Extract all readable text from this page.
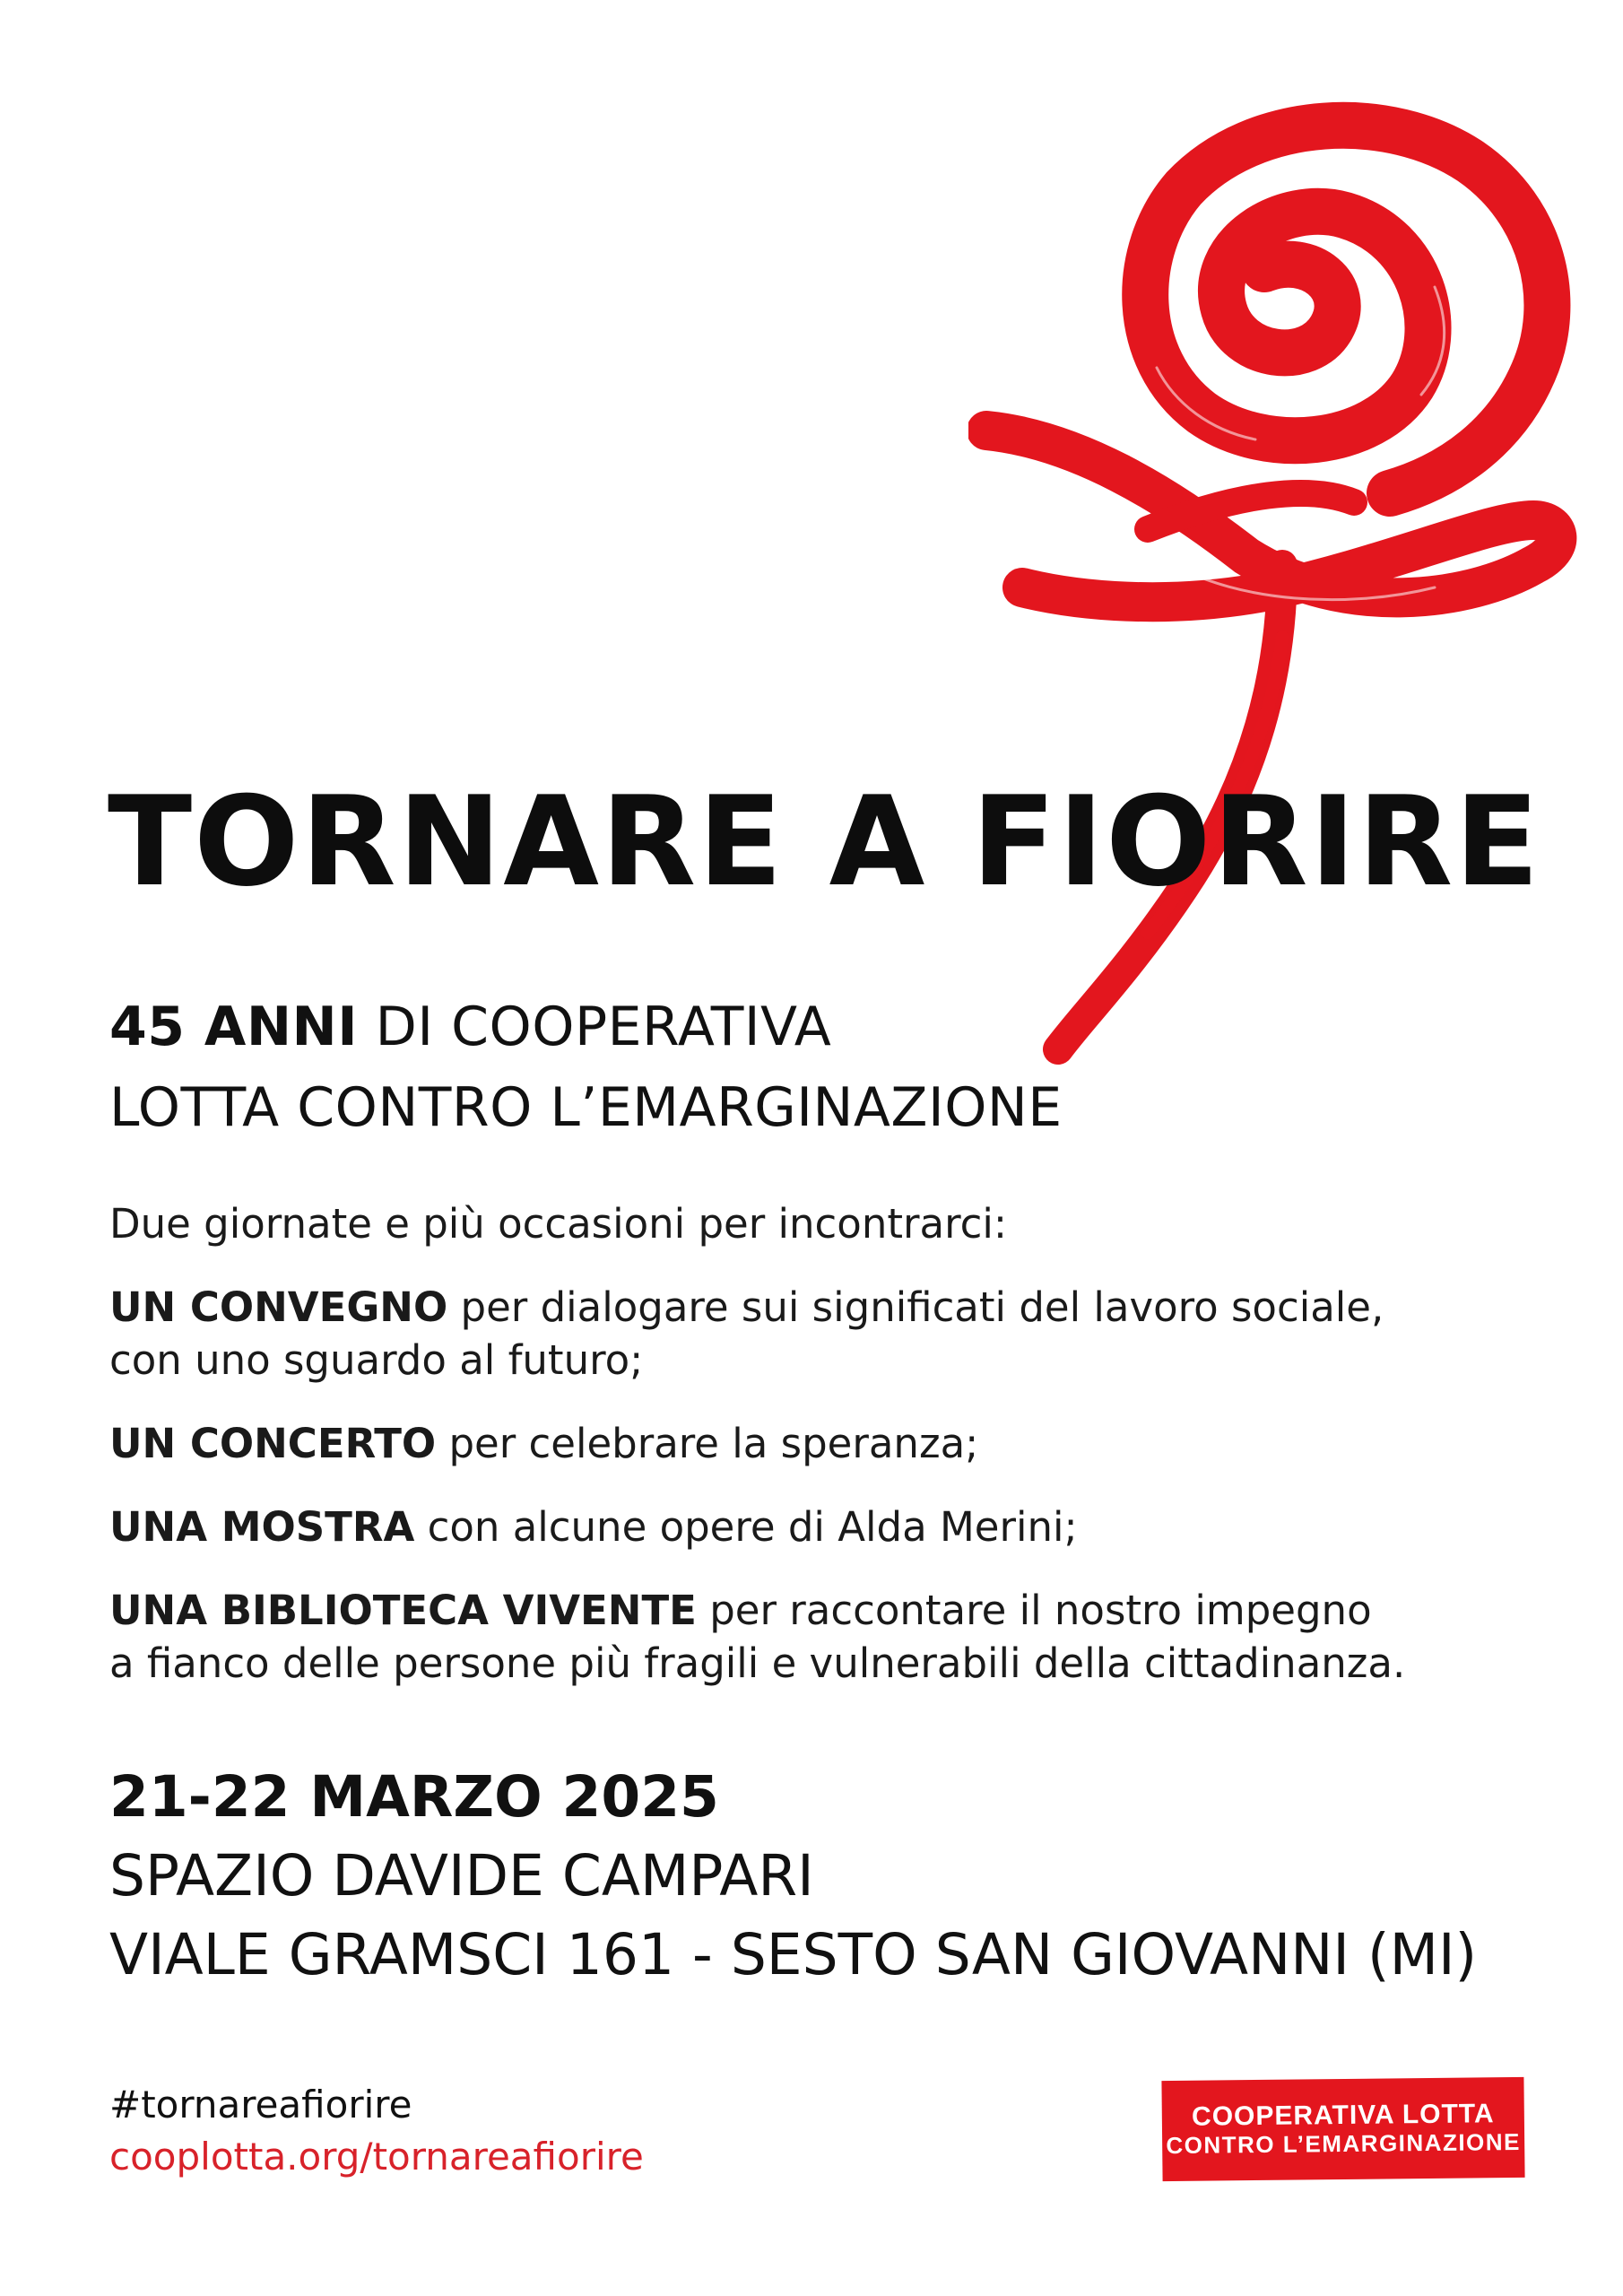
TORNARE A FIORIRE
45 ANNI DI COOPERATIVA
LOTTA CONTRO L’EMARGINAZIONE

Due giornate e più occasioni per incontrarci:

UN CONVEGNO per dialogare sui significati del lavoro sociale,
con uno sguardo al futuro;

UN CONCERTO per celebrare la speranza;

UNA MOSTRA con alcune opere di Alda Merini;

UNA BIBLIOTECA VIVENTE per raccontare il nostro impegno
a fianco delle persone più fragili e vulnerabili della cittadinanza.

21-22 MARZO 2025
SPAZIO DAVIDE CAMPARI
VIALE GRAMSCI 161 - SESTO SAN GIOVANNI (MI)
#tornareafiorire
cooplotta.org/tornareafiorire
COOPERATIVA LOTTA
CONTRO L’EMARGINAZIONE
